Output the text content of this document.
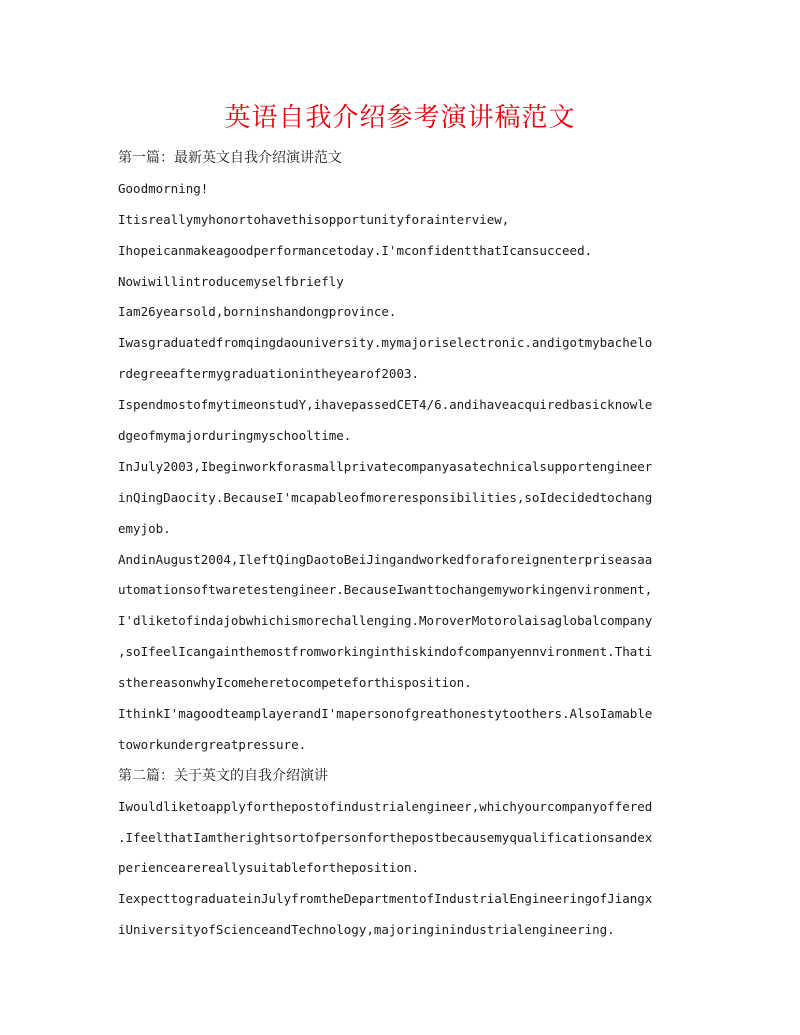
英语自我介绍参考演讲稿范文
第一篇：最新英文自我介绍演讲范文
Goodmorning!
Itisreallymyhonortohavethisopportunityforainterview,
Ihopeicanmakeagoodperformancetoday.I'mconfidentthatIcansucceed.
Nowiwillintroducemyselfbriefly
Iam26yearsold,borninshandongprovince.
Iwasgraduatedfromqingdaouniversity.mymajoriselectronic.andigotmybachelo
rdegreeaftermygraduationintheyearof2003.
IspendmostofmytimeonstudY,ihavepassedCET4/6.andihaveacquiredbasicknowle
dgeofmymajorduringmyschooltime.
InJuly2003,Ibeginworkforasmallprivatecompanyasatechnicalsupportengineer
inQingDaocity.BecauseI'mcapableofmoreresponsibilities,soIdecidedtochang
emyjob.
AndinAugust2004,IleftQingDaotoBeiJingandworkedforaforeignenterpriseasaa
utomationsoftwaretestengineer.BecauseIwanttochangemyworkingenvironment,
I'dliketofindajobwhichismorechallenging.MoroverMotorolaisaglobalcompany
,soIfeelIcangainthemostfromworkinginthiskindofcompanyennvironment.Thati
sthereasonwhyIcomeheretocompeteforthisposition.
IthinkI'magoodteamplayerandI'mapersonofgreathonestytoothers.AlsoIamable
toworkundergreatpressure.
第二篇：关于英文的自我介绍演讲
Iwouldliketoapplyforthepostofindustrialengineer,whichyourcompanyoffered
.IfeelthatIamtherightsortofpersonforthepostbecausemyqualificationsandex
periencearereallysuitablefortheposition.
IexpecttograduateinJulyfromtheDepartmentofIndustrialEngineeringofJiangx
iUniversityofScienceandTechnology,majoringinindustrialengineering.
